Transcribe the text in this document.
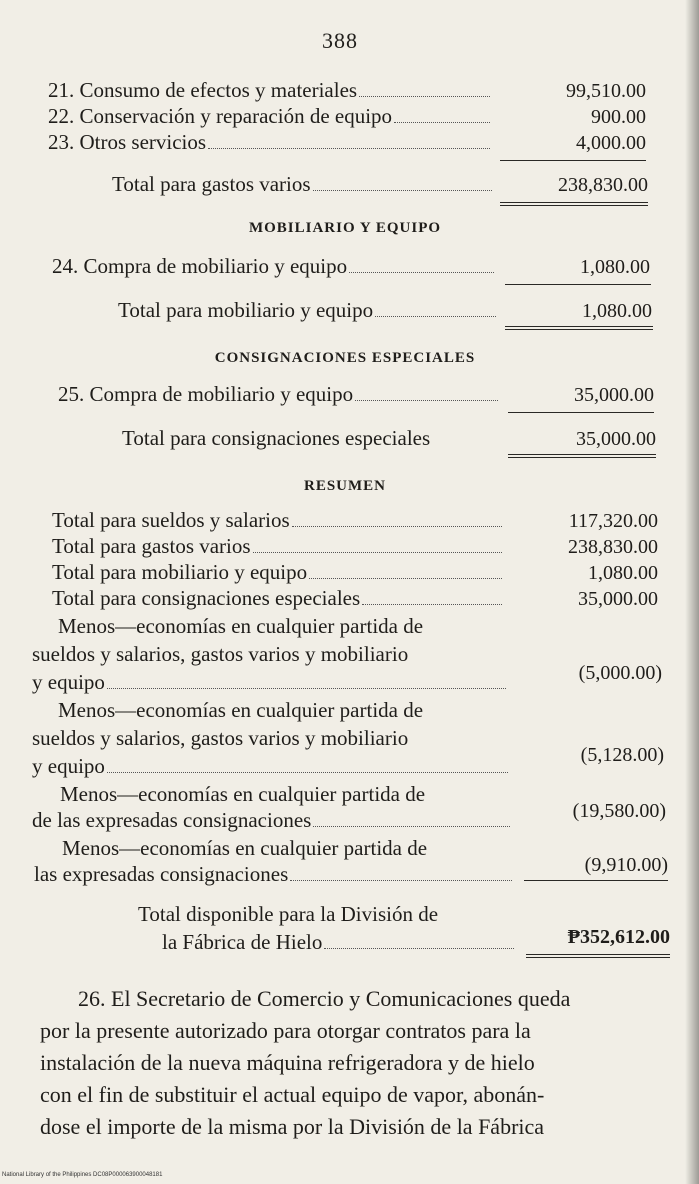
388
21. Consumo de efectos y materiales	99,510.00
22. Conservación y reparación de equipo	900.00
23. Otros servicios	4,000.00
Total para gastos varios	238,830.00
MOBILIARIO Y EQUIPO
24. Compra de mobiliario y equipo	1,080.00
Total para mobiliario y equipo	1,080.00
CONSIGNACIONES ESPECIALES
25. Compra de mobiliario y equipo	35,000.00
Total para consignaciones especiales	35,000.00
RESUMEN
Total para sueldos y salarios	117,320.00
Total para gastos varios	238,830.00
Total para mobiliario y equipo	1,080.00
Total para consignaciones especiales	35,000.00
Menos—economías en cualquier partida de
sueldos y salarios, gastos varios y mobiliario
y equipo	(5,000.00)
Menos—economías en cualquier partida de
sueldos y salarios, gastos varios y mobiliario
y equipo	(5,128.00)
Menos—economías en cualquier partida de
de las expresadas consignaciones	(19,580.00)
Menos—economías en cualquier partida de
las expresadas consignaciones	(9,910.00)
Total disponible para la División de
la Fábrica de Hielo	₱352,612.00
26. El Secretario de Comercio y Comunicaciones queda
por la presente autorizado para otorgar contratos para la
instalación de la nueva máquina refrigeradora y de hielo
con el fin de substituir el actual equipo de vapor, abonán-
dose el importe de la misma por la División de la Fábrica
National Library of the Philippines DC08P000063900048181
